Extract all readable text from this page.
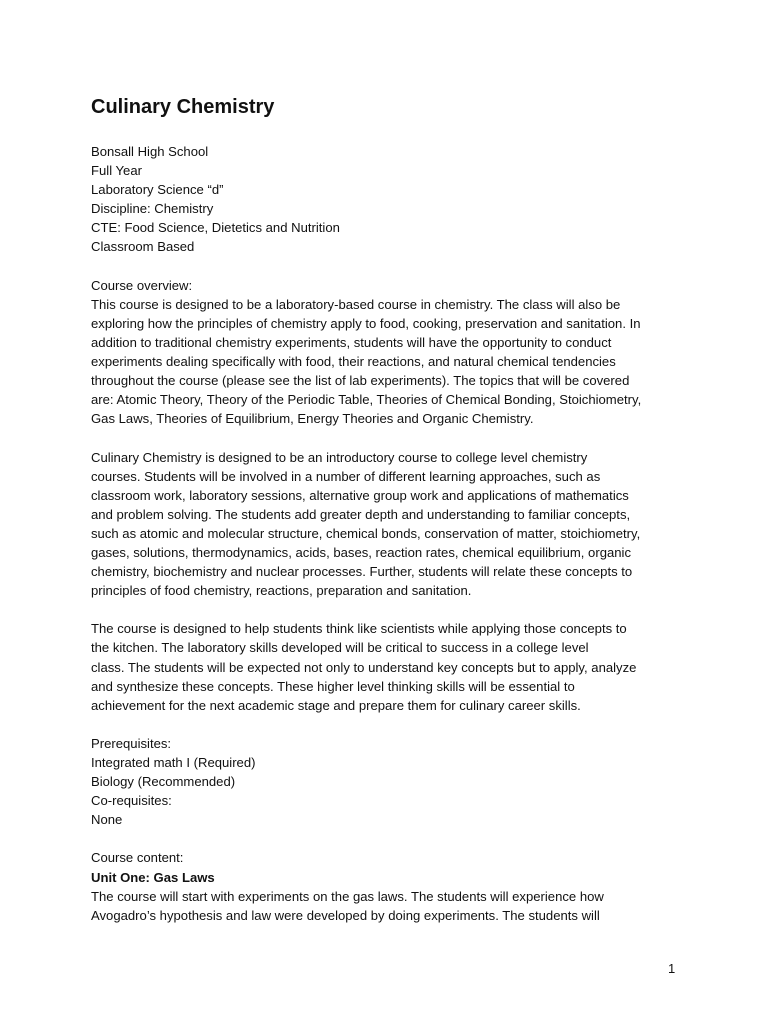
Culinary Chemistry
Bonsall High School
Full Year
Laboratory Science “d”
Discipline: Chemistry
CTE: Food Science, Dietetics and Nutrition
Classroom Based
Course overview:
This course is designed to be a laboratory-based course in chemistry. The class will also be
exploring how the principles of chemistry apply to food, cooking, preservation and sanitation. In
addition to traditional chemistry experiments, students will have the opportunity to conduct
experiments dealing specifically with food, their reactions, and natural chemical tendencies
throughout the course (please see the list of lab experiments). The topics that will be covered
are: Atomic Theory, Theory of the Periodic Table, Theories of Chemical Bonding, Stoichiometry,
Gas Laws, Theories of Equilibrium, Energy Theories and Organic Chemistry.
Culinary Chemistry is designed to be an introductory course to college level chemistry
courses. Students will be involved in a number of different learning approaches, such as
classroom work, laboratory sessions, alternative group work and applications of mathematics
and problem solving. The students add greater depth and understanding to familiar concepts,
such as atomic and molecular structure, chemical bonds, conservation of matter, stoichiometry,
gases, solutions, thermodynamics, acids, bases, reaction rates, chemical equilibrium, organic
chemistry, biochemistry and nuclear processes. Further, students will relate these concepts to
principles of food chemistry, reactions, preparation and sanitation.
The course is designed to help students think like scientists while applying those concepts to
the kitchen. The laboratory skills developed will be critical to success in a college level
class. The students will be expected not only to understand key concepts but to apply, analyze
and synthesize these concepts. These higher level thinking skills will be essential to
achievement for the next academic stage and prepare them for culinary career skills.
Prerequisites:
Integrated math I (Required)
Biology (Recommended)
Co-requisites:
None
Course content:
Unit One: Gas Laws
The course will start with experiments on the gas laws. The students will experience how
Avogadro’s hypothesis and law were developed by doing experiments. The students will
1
